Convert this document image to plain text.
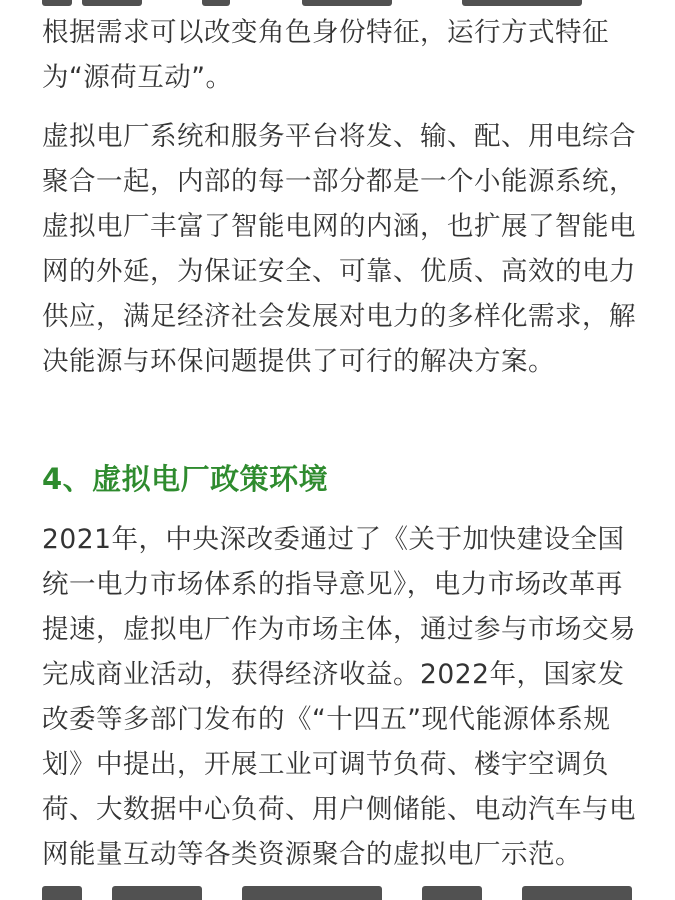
根据需求可以改变角色身份特征，运行方式特征为“源荷互动”。

虚拟电厂系统和服务平台将发、输、配、用电综合聚合一起，内部的每一部分都是一个小能源系统，虚拟电厂丰富了智能电网的内涵，也扩展了智能电网的外延，为保证安全、可靠、优质、高效的电力供应，满足经济社会发展对电力的多样化需求，解决能源与环保问题提供了可行的解决方案。

4、虚拟电厂政策环境

2021年，中央深改委通过了《关于加快建设全国统一电力市场体系的指导意见》，电力市场改革再提速，虚拟电厂作为市场主体，通过参与市场交易完成商业活动，获得经济收益。2022年，国家发改委等多部门发布的《“十四五”现代能源体系规划》中提出，开展工业可调节负荷、楼宇空调负荷、大数据中心负荷、用户侧储能、电动汽车与电网能量互动等各类资源聚合的虚拟电厂示范。
